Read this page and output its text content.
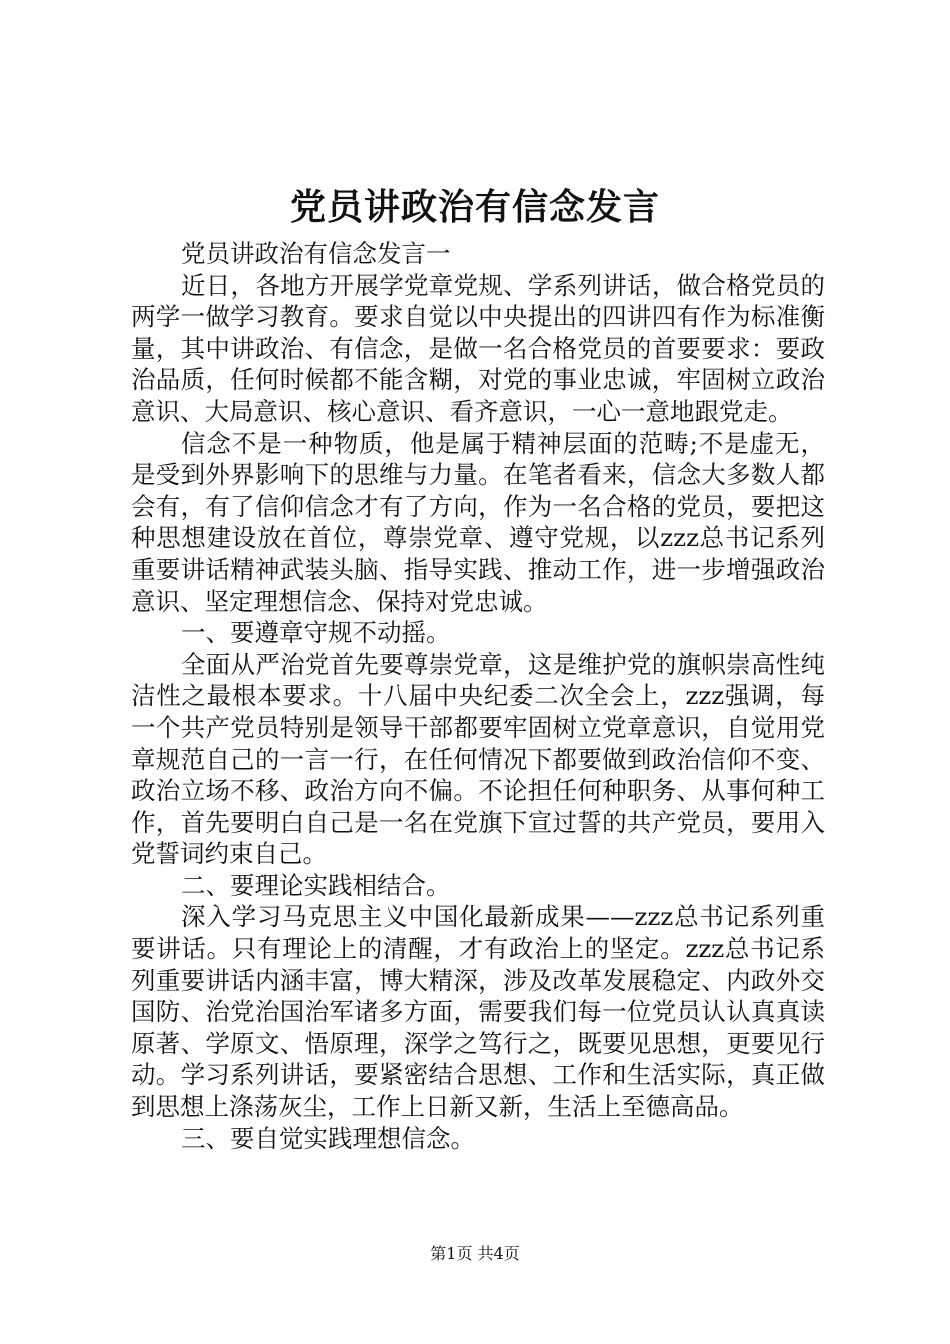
党员讲政治有信念发言

党员讲政治有信念发言一

近日，各地方开展学党章党规、学系列讲话，做合格党员的两学一做学习教育。要求自觉以中央提出的四讲四有作为标准衡量，其中讲政治、有信念，是做一名合格党员的首要要求：要政治品质，任何时候都不能含糊，对党的事业忠诚，牢固树立政治意识、大局意识、核心意识、看齐意识，一心一意地跟党走。

信念不是一种物质，他是属于精神层面的范畴;不是虚无，是受到外界影响下的思维与力量。在笔者看来，信念大多数人都会有，有了信仰信念才有了方向，作为一名合格的党员，要把这种思想建设放在首位，尊崇党章、遵守党规，以zzz总书记系列重要讲话精神武装头脑、指导实践、推动工作，进一步增强政治意识、坚定理想信念、保持对党忠诚。

一、要遵章守规不动摇。

全面从严治党首先要尊崇党章，这是维护党的旗帜崇高性纯洁性之最根本要求。十八届中央纪委二次全会上，zzz强调，每一个共产党员特别是领导干部都要牢固树立党章意识，自觉用党章规范自己的一言一行，在任何情况下都要做到政治信仰不变、政治立场不移、政治方向不偏。不论担任何种职务、从事何种工作，首先要明白自己是一名在党旗下宣过誓的共产党员，要用入党誓词约束自己。

二、要理论实践相结合。

深入学习马克思主义中国化最新成果——zzz总书记系列重要讲话。只有理论上的清醒，才有政治上的坚定。zzz总书记系列重要讲话内涵丰富，博大精深，涉及改革发展稳定、内政外交国防、治党治国治军诸多方面，需要我们每一位党员认认真真读原著、学原文、悟原理，深学之笃行之，既要见思想，更要见行动。学习系列讲话，要紧密结合思想、工作和生活实际，真正做到思想上涤荡灰尘，工作上日新又新，生活上至德高品。

三、要自觉实践理想信念。

第1页 共4页
